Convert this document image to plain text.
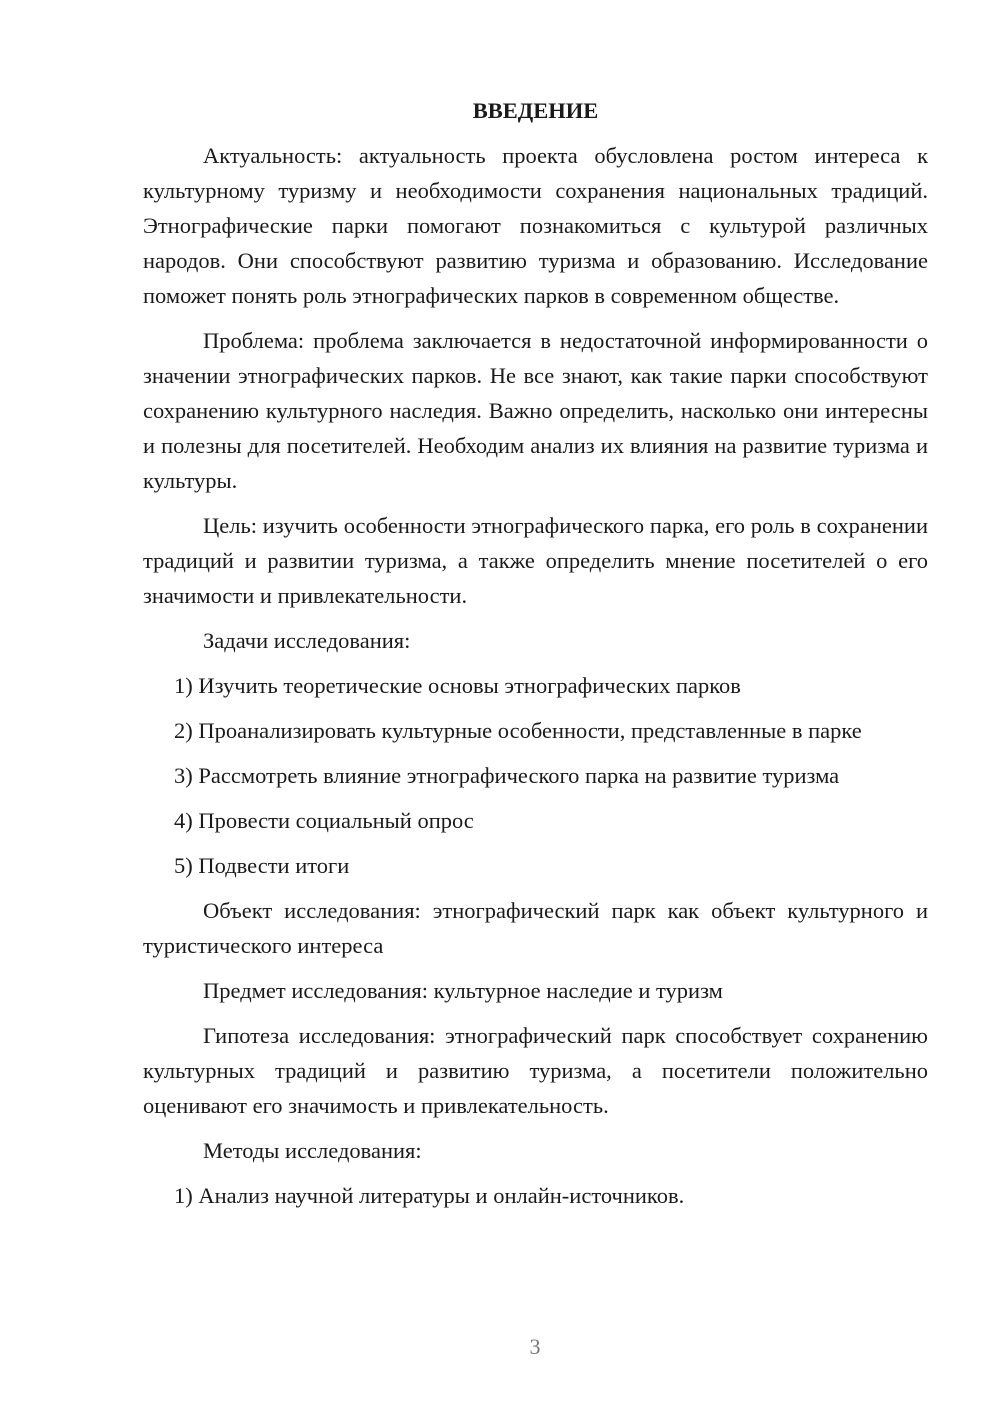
ВВЕДЕНИЕ

Актуальность: актуальность проекта обусловлена ростом интереса к культурному туризму и необходимости сохранения национальных традиций. Этнографические парки помогают познакомиться с культурой различных народов. Они способствуют развитию туризма и образованию. Исследование поможет понять роль этнографических парков в современном обществе.

Проблема: проблема заключается в недостаточной информированности о значении этнографических парков. Не все знают, как такие парки способствуют сохранению культурного наследия. Важно определить, насколько они интересны и полезны для посетителей. Необходим анализ их влияния на развитие туризма и культуры.

Цель: изучить особенности этнографического парка, его роль в сохранении традиций и развитии туризма, а также определить мнение посетителей о его значимости и привлекательности.

Задачи исследования:

1) Изучить теоретические основы этнографических парков

2) Проанализировать культурные особенности, представленные в парке

3) Рассмотреть влияние этнографического парка на развитие туризма

4) Провести социальный опрос

5) Подвести итоги

Объект исследования: этнографический парк как объект культурного и туристического интереса

Предмет исследования: культурное наследие и туризм

Гипотеза исследования: этнографический парк способствует сохранению культурных традиций и развитию туризма, а посетители положительно оценивают его значимость и привлекательность.

Методы исследования:

1) Анализ научной литературы и онлайн-источников.

3
